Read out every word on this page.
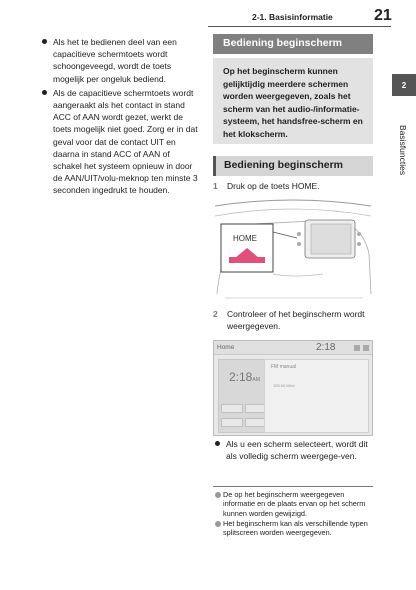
2-1. Basisinformatie	21
2
Basisfuncties
Als het te bedienen deel van een capacitieve schermtoets wordt schoongeveegd, wordt de toets mogelijk per ongeluk bediend.
Als de capacitieve schermtoets wordt aangeraakt als het contact in stand ACC of AAN wordt gezet, werkt de toets mogelijk niet goed. Zorg er in dat geval voor dat de contact UIT en daarna in stand ACC of AAN of schakel het systeem opnieuw in door de AAN/UIT/volu-meknop ten minste 3 seconden ingedrukt te houden.
Bediening beginscherm
Op het beginscherm kunnen gelijktijdig meerdere schermen worden weergegeven, zoals het scherm van het audio-/informatie-systeem, het handsfree-scherm en het klokscherm.
Bediening beginscherm
1	Druk op de toets HOME.
HOME
2	Controleer of het beginscherm wordt weergegeven.
Home	2:18
2:18AM
FM manual
105.50 MHz
Als u een scherm selecteert, wordt dit als volledig scherm weergege-ven.
De op het beginscherm weergegeven informatie en de plaats ervan op het scherm kunnen worden gewijzigd.
Het beginscherm kan als verschillende typen splitscreen worden weergegeven.
